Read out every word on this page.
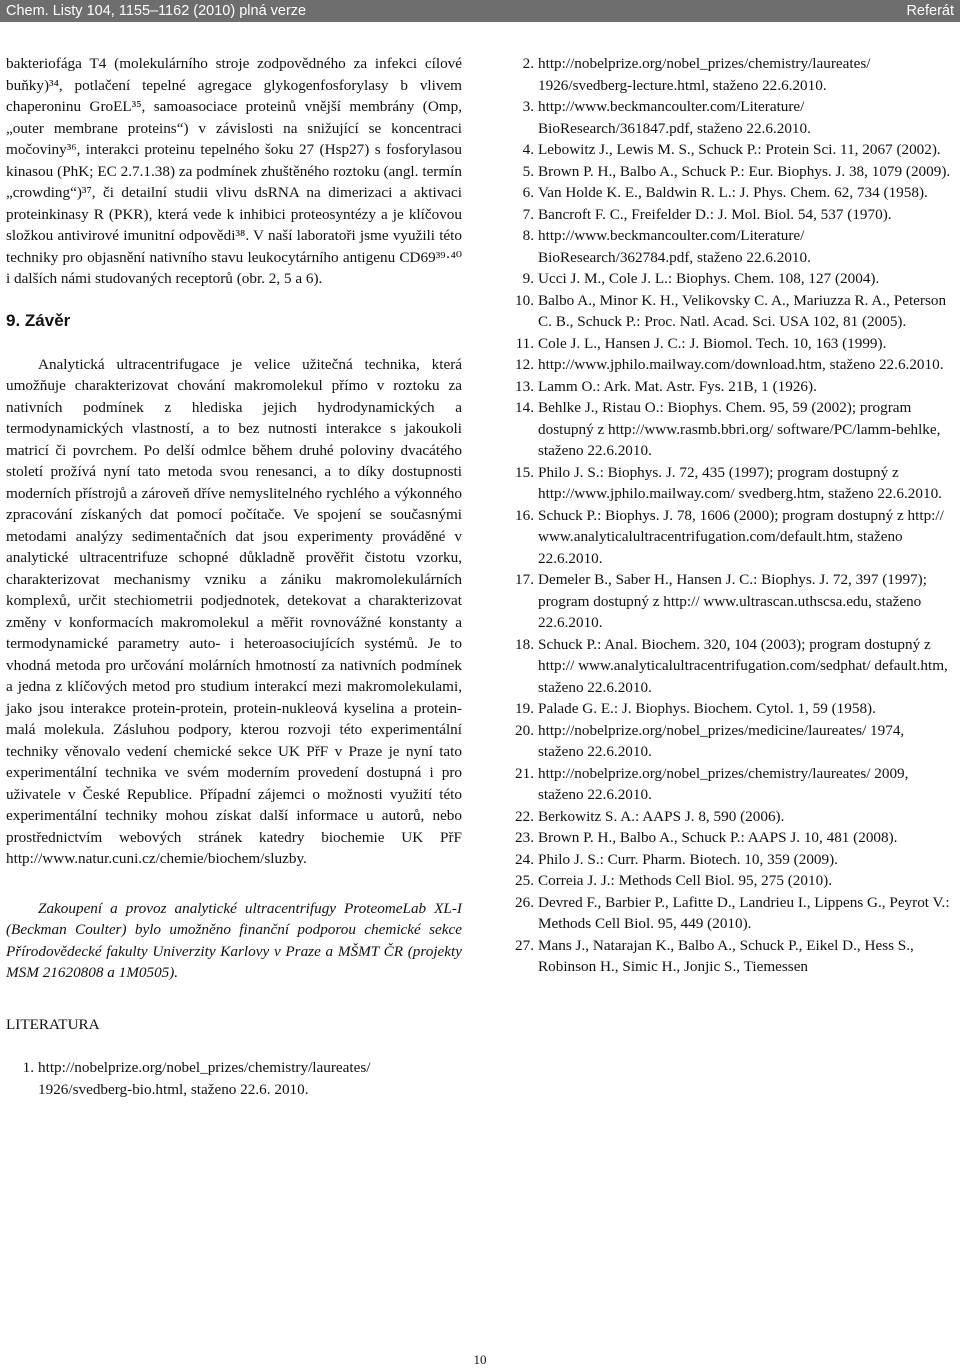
Chem. Listy 104, 1155–1162 (2010) plná verze	Referát

bakteriofága T4 (molekulárního stroje zodpovědného za infekci cílové buňky)³⁴, potlačení tepelné agregace glykogenfosforylasy b vlivem chaperoninu GroEL³⁵, samoasociace proteinů vnější membrány (Omp, „outer membrane proteins“) v závislosti na snižující se koncentraci močoviny³⁶, interakci proteinu tepelného šoku 27 (Hsp27) s fosforylasou kinasou (PhK; EC 2.7.1.38) za podmínek zhuštěného roztoku (angl. termín „crowding“)³⁷, či detailní studii vlivu dsRNA na dimerizaci a aktivaci proteinkinasy R (PKR), která vede k inhibici proteosyntézy a je klíčovou složkou antivirové imunitní odpovědi³⁸. V naší laboratoři jsme využili této techniky pro objasnění nativního stavu leukocytárního antigenu CD69³⁹·⁴⁰ i dalších námi studovaných receptorů (obr. 2, 5 a 6).

9. Závěr

Analytická ultracentrifugace je velice užitečná technika, která umožňuje charakterizovat chování makromolekul přímo v roztoku za nativních podmínek z hlediska jejich hydrodynamických a termodynamických vlastností, a to bez nutnosti interakce s jakoukoli matricí či povrchem. Po delší odmlce během druhé poloviny dvacátého století prožívá nyní tato metoda svou renesanci, a to díky dostupnosti moderních přístrojů a zároveň dříve nemyslitelného rychlého a výkonného zpracování získaných dat pomocí počítače. Ve spojení se současnými metodami analýzy sedimentačních dat jsou experimenty prováděné v analytické ultracentrifuze schopné důkladně prověřit čistotu vzorku, charakterizovat mechanismy vzniku a zániku makromolekulárních komplexů, určit stechiometrii podjednotek, detekovat a charakterizovat změny v konformacích makromolekul a měřit rovnovážné konstanty a termodynamické parametry auto- i heteroasociujících systémů. Je to vhodná metoda pro určování molárních hmotností za nativních podmínek a jedna z klíčových metod pro studium interakcí mezi makromolekulami, jako jsou interakce protein-protein, protein-nukleová kyselina a protein-malá molekula. Zásluhou podpory, kterou rozvoji této experimentální techniky věnovalo vedení chemické sekce UK PřF v Praze je nyní tato experimentální technika ve svém moderním provedení dostupná i pro uživatele v České Republice. Případní zájemci o možnosti využití této experimentální techniky mohou získat další informace u autorů, nebo prostřednictvím webových stránek katedry biochemie UK PřF http://www.natur.cuni.cz/chemie/biochem/sluzby.

Zakoupení a provoz analytické ultracentrifugy ProteomeLab XL-I (Beckman Coulter) bylo umožněno finanční podporou chemické sekce Přírodovědecké fakulty Univerzity Karlovy v Praze a MŠMT ČR (projekty MSM 21620808 a 1M0505).

LITERATURA
1. http://nobelprize.org/nobel_prizes/chemistry/laureates/ 1926/svedberg-bio.html, staženo 22.6. 2010.
2. http://nobelprize.org/nobel_prizes/chemistry/laureates/ 1926/svedberg-lecture.html, staženo 22.6.2010.
3. http://www.beckmancoulter.com/Literature/ BioResearch/361847.pdf, staženo 22.6.2010.
4. Lebowitz J., Lewis M. S., Schuck P.: Protein Sci. 11, 2067 (2002).
5. Brown P. H., Balbo A., Schuck P.: Eur. Biophys. J. 38, 1079 (2009).
6. Van Holde K. E., Baldwin R. L.: J. Phys. Chem. 62, 734 (1958).
7. Bancroft F. C., Freifelder D.: J. Mol. Biol. 54, 537 (1970).
8. http://www.beckmancoulter.com/Literature/ BioResearch/362784.pdf, staženo 22.6.2010.
9. Ucci J. M., Cole J. L.: Biophys. Chem. 108, 127 (2004).
10. Balbo A., Minor K. H., Velikovsky C. A., Mariuzza R. A., Peterson C. B., Schuck P.: Proc. Natl. Acad. Sci. USA 102, 81 (2005).
11. Cole J. L., Hansen J. C.: J. Biomol. Tech. 10, 163 (1999).
12. http://www.jphilo.mailway.com/download.htm, staženo 22.6.2010.
13. Lamm O.: Ark. Mat. Astr. Fys. 21B, 1 (1926).
14. Behlke J., Ristau O.: Biophys. Chem. 95, 59 (2002); program dostupný z http://www.rasmb.bbri.org/ software/PC/lamm-behlke, staženo 22.6.2010.
15. Philo J. S.: Biophys. J. 72, 435 (1997); program dostupný z http://www.jphilo.mailway.com/ svedberg.htm, staženo 22.6.2010.
16. Schuck P.: Biophys. J. 78, 1606 (2000); program dostupný z http:// www.analyticalultracentrifugation.com/default.htm, staženo 22.6.2010.
17. Demeler B., Saber H., Hansen J. C.: Biophys. J. 72, 397 (1997); program dostupný z http:// www.ultrascan.uthscsa.edu, staženo 22.6.2010.
18. Schuck P.: Anal. Biochem. 320, 104 (2003); program dostupný z http:// www.analyticalultracentrifugation.com/sedphat/ default.htm, staženo 22.6.2010.
19. Palade G. E.: J. Biophys. Biochem. Cytol. 1, 59 (1958).
20. http://nobelprize.org/nobel_prizes/medicine/laureates/ 1974, staženo 22.6.2010.
21. http://nobelprize.org/nobel_prizes/chemistry/laureates/ 2009, staženo 22.6.2010.
22. Berkowitz S. A.: AAPS J. 8, 590 (2006).
23. Brown P. H., Balbo A., Schuck P.: AAPS J. 10, 481 (2008).
24. Philo J. S.: Curr. Pharm. Biotech. 10, 359 (2009).
25. Correia J. J.: Methods Cell Biol. 95, 275 (2010).
26. Devred F., Barbier P., Lafitte D., Landrieu I., Lippens G., Peyrot V.: Methods Cell Biol. 95, 449 (2010).
27. Mans J., Natarajan K., Balbo A., Schuck P., Eikel D., Hess S., Robinson H., Simic H., Jonjic S., Tiemessen
10
